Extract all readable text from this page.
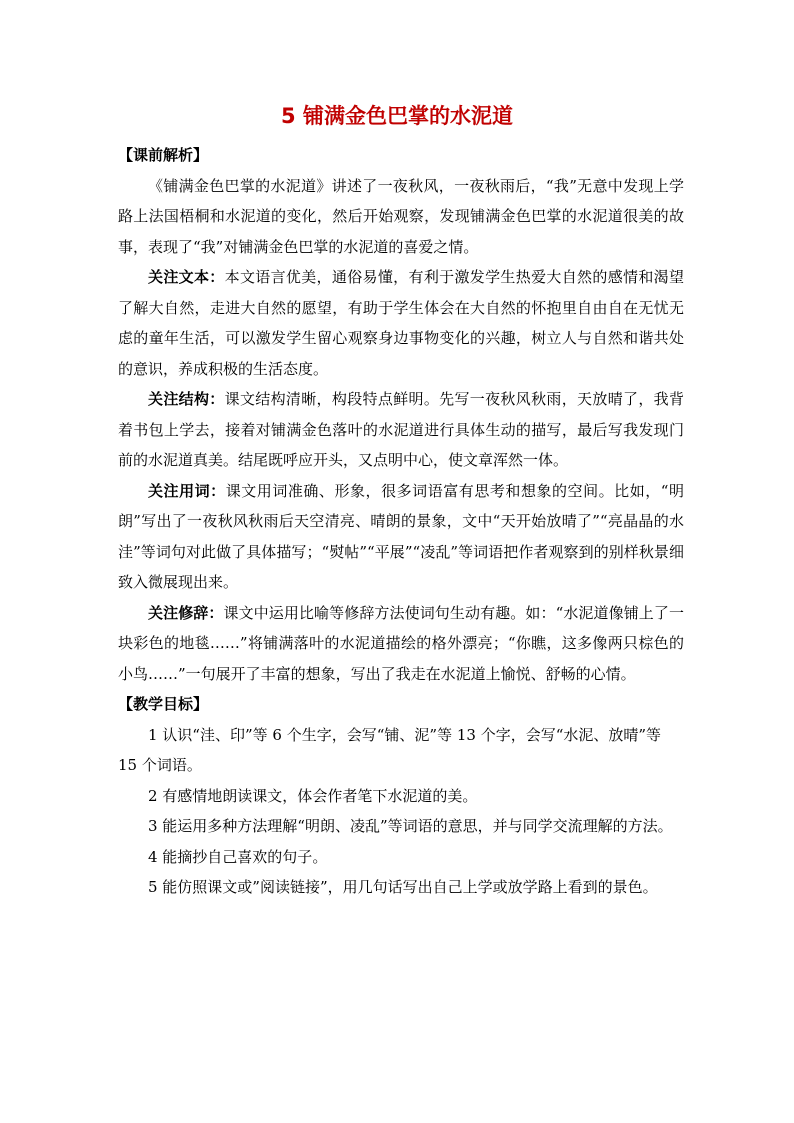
5 铺满金色巴掌的水泥道

【课前解析】

《铺满金色巴掌的水泥道》讲述了一夜秋风，一夜秋雨后，“我”无意中发现上学路上法国梧桐和水泥道的变化，然后开始观察，发现铺满金色巴掌的水泥道很美的故事，表现了“我”对铺满金色巴掌的水泥道的喜爱之情。

关注文本：本文语言优美，通俗易懂，有利于激发学生热爱大自然的感情和渴望了解大自然，走进大自然的愿望，有助于学生体会在大自然的怀抱里自由自在无忧无虑的童年生活，可以激发学生留心观察身边事物变化的兴趣，树立人与自然和谐共处的意识，养成积极的生活态度。

关注结构：课文结构清晰，构段特点鲜明。先写一夜秋风秋雨，天放晴了，我背着书包上学去，接着对铺满金色落叶的水泥道进行具体生动的描写，最后写我发现门前的水泥道真美。结尾既呼应开头，又点明中心，使文章浑然一体。

关注用词：课文用词准确、形象，很多词语富有思考和想象的空间。比如，“明朗”写出了一夜秋风秋雨后天空清亮、晴朗的景象，文中“天开始放晴了”“亮晶晶的水洼”等词句对此做了具体描写；“熨帖”“平展”“凌乱”等词语把作者观察到的别样秋景细致入微展现出来。

关注修辞：课文中运用比喻等修辞方法使词句生动有趣。如：“水泥道像铺上了一块彩色的地毯……”将铺满落叶的水泥道描绘的格外漂亮；“你瞧，这多像两只棕色的小鸟……”一句展开了丰富的想象，写出了我走在水泥道上愉悦、舒畅的心情。

【教学目标】

1 认识“洼、印”等 6 个生字，会写“铺、泥”等 13 个字，会写“水泥、放晴”等 15 个词语。

2 有感情地朗读课文，体会作者笔下水泥道的美。

3 能运用多种方法理解“明朗、凌乱”等词语的意思，并与同学交流理解的方法。

4 能摘抄自己喜欢的句子。

5 能仿照课文或”阅读链接”，用几句话写出自己上学或放学路上看到的景色。
